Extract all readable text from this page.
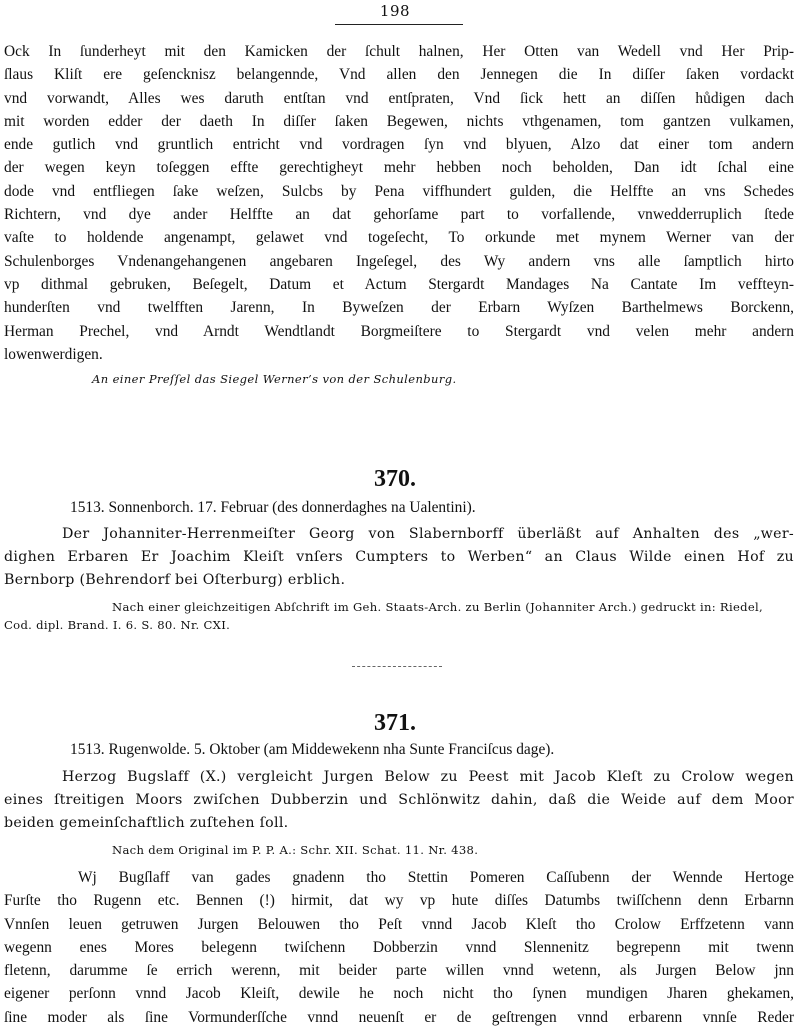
198
Ock In ſunderheyt mit den Kamicken der ſchult halnen, Her Otten van Wedell vnd Her Prip-
ſlaus Kliſt ere geſencknisz belangennde, Vnd allen den Jennegen die In diſſer ſaken vordackt
vnd vorwandt, Alles wes daruth entſtan vnd entſpraten, Vnd ſick hett an diſſen hůdigen dach
mit worden edder der daeth In diſſer ſaken Begewen, nichts vthgenamen, tom gantzen vulkamen,
ende gutlich vnd gruntlich entricht vnd vordragen ſyn vnd blyuen, Alzo dat einer tom andern
der wegen keyn toſeggen effte gerechtigheyt mehr hebben noch beholden, Dan idt ſchal eine
dode vnd entfliegen ſake weſzen, Sulcbs by Pena viffhundert gulden, die Helffte an vns Schedes
Richtern, vnd dye ander Helffte an dat gehorſame part to vorfallende, vnwedderruplich ſtede
vaſte to holdende angenampt, gelawet vnd togeſecht, To orkunde met mynem Werner van der
Schulenborges Vndenangehangenen angebaren Ingeſegel, des Wy andern vns alle ſamptlich hirto
vp dithmal gebruken, Beſegelt, Datum et Actum Stergardt Mandages Na Cantate Im veffteyn-
hunderſten vnd twelfften Jarenn, In Byweſzen der Erbarn Wyſzen Barthelmews Borckenn,
Herman Prechel, vnd Arndt Wendtlandt Borgmeiſtere to Stergardt vnd velen mehr andern
lowenwerdigen.
An einer Preſſel das Siegel Werner’s von der Schulenburg.
370.
1513. Sonnenborch. 17. Februar (des donnerdaghes na Ualentini).
Der Johanniter-Herrenmeiſter Georg von Slabernborff überläßt auf Anhalten des „wer-
dighen Erbaren Er Joachim Kleiſt vnſers Cumpters to Werben“ an Claus Wilde einen Hof zu
Bernborp (Behrendorf bei Oſterburg) erblich.
Nach einer gleichzeitigen Abſchrift im Geh. Staats-Arch. zu Berlin (Johanniter Arch.) gedruckt in: Riedel,
Cod. dipl. Brand. I. 6. S. 80. Nr. CXI.
371.
1513. Rugenwolde. 5. Oktober (am Middewekenn nha Sunte Franciſcus dage).
Herzog Bugslaff (X.) vergleicht Jurgen Below zu Peest mit Jacob Kleſt zu Crolow wegen
eines ſtreitigen Moors zwiſchen Dubberzin und Schlönwitz dahin, daß die Weide auf dem Moor
beiden gemeinſchaftlich zuſtehen ſoll.
Nach dem Original im P. P. A.: Schr. XII. Schat. 11. Nr. 438.
Wj Bugſlaff van gades gnadenn tho Stettin Pomeren Caſſubenn der Wennde Hertoge
Furſte tho Rugenn etc. Bennen (!) hirmit, dat wy vp hute diſſes Datumbs twiſſchenn denn Erbarnn
Vnnſen leuen getruwen Jurgen Belouwen tho Peſt vnnd Jacob Kleſt tho Crolow Erffzetenn vann
wegenn enes Mores belegenn twiſchenn Dobberzin vnnd Slennenitz begrepenn mit twenn
fletenn, darumme ſe errich werenn, mit beider parte willen vnnd wetenn, als Jurgen Below jnn
eigener perſonn vnnd Jacob Kleiſt, dewile he noch nicht tho ſynen mundigen Jharen ghekamen,
ſine moder als ſine Vormunderſſche vnnd neuenſt er de geſtrengen vnnd erbarenn vnnſe Reder
